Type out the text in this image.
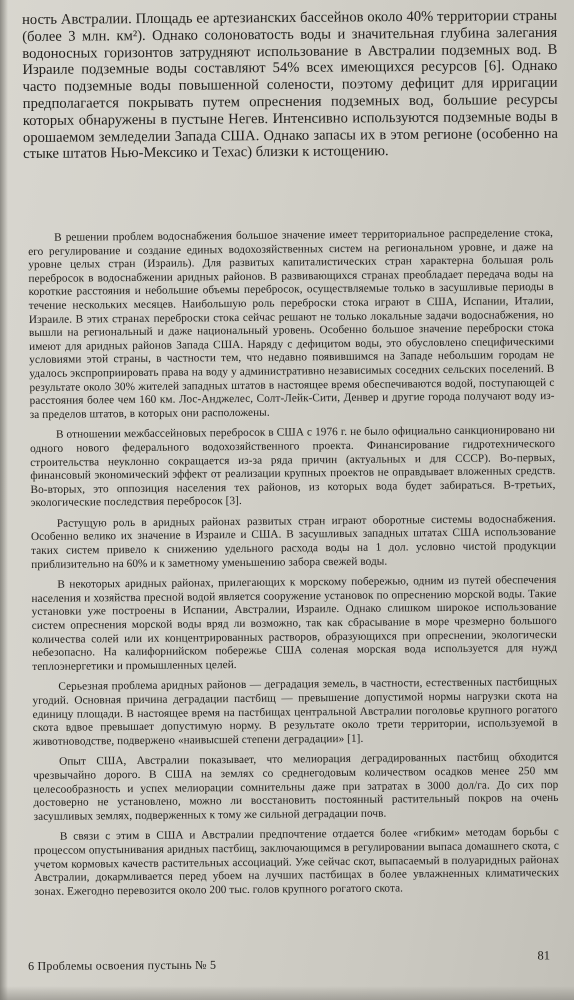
ность Австралии. Площадь ее артезианских бассейнов около 40% территории страны (более 3 млн. км²). Однако солоноватость воды и значительная глубина залегания водоносных горизонтов затрудняют использование в Австралии подземных вод. В Израиле подземные воды составляют 54% всех имеющихся ресурсов [6]. Однако часто подземные воды повышенной солености, поэтому дефицит для ирригации предполагается покрывать путем опреснения подземных вод, большие ресурсы которых обнаружены в пустыне Негев. Интенсивно используются подземные воды в орошаемом земледелии Запада США. Однако запасы их в этом регионе (особенно на стыке штатов Нью-Мексико и Техас) близки к истощению.

В решении проблем водоснабжения большое значение имеет территориальное распределение стока, его регулирование и создание единых водохозяйственных систем на региональном уровне, и даже на уровне целых стран (Израиль). Для развитых капиталистических стран характерна большая роль перебросок в водоснабжении аридных районов. В развивающихся странах преобладает передача воды на короткие расстояния и небольшие объемы перебросок, осуществляемые только в засушливые периоды в течение нескольких месяцев. Наибольшую роль переброски стока играют в США, Испании, Италии, Израиле. В этих странах переброски стока сейчас решают не только локальные задачи водоснабжения, но вышли на региональный и даже национальный уровень. Особенно большое значение переброски стока имеют для аридных районов Запада США. Наряду с дефицитом воды, это обусловлено специфическими условиями этой страны, в частности тем, что недавно появившимся на Западе небольшим городам не удалось экспроприировать права на воду у административно независимых соседних сельских поселений. В результате около 30% жителей западных штатов в настоящее время обеспечиваются водой, поступающей с расстояния более чем 160 км. Лос-Анджелес, Солт-Лейк-Сити, Денвер и другие города получают воду из-за пределов штатов, в которых они расположены.

В отношении межбассейновых перебросок в США с 1976 г. не было официально санкционировано ни одного нового федерального водохозяйственного проекта. Финансирование гидротехнического строительства неуклонно сокращается из-за ряда причин (актуальных и для СССР). Во-первых, финансовый экономический эффект от реализации крупных проектов не оправдывает вложенных средств. Во-вторых, это оппозиция населения тех районов, из которых вода будет забираться. В-третьих, экологические последствия перебросок [3].

Растущую роль в аридных районах развитых стран играют оборотные системы водоснабжения. Особенно велико их значение в Израиле и США. В засушливых западных штатах США использование таких систем привело к снижению удельного расхода воды на 1 дол. условно чистой продукции приблизительно на 60% и к заметному уменьшению забора свежей воды.

В некоторых аридных районах, прилегающих к морскому побережью, одним из путей обеспечения населения и хозяйства пресной водой является сооружение установок по опреснению морской воды. Такие установки уже построены в Испании, Австралии, Израиле. Однако слишком широкое использование систем опреснения морской воды вряд ли возможно, так как сбрасывание в море чрезмерно большого количества солей или их концентрированных растворов, образующихся при опреснении, экологически небезопасно. На калифорнийском побережье США соленая морская вода используется для нужд теплоэнергетики и промышленных целей.

Серьезная проблема аридных районов — деградация земель, в частности, естественных пастбищных угодий. Основная причина деградации пастбищ — превышение допустимой нормы нагрузки скота на единицу площади. В настоящее время на пастбищах центральной Австралии поголовье крупного рогатого скота вдвое превышает допустимую норму. В результате около трети территории, используемой в животноводстве, подвержено «наивысшей степени деградации» [1].

Опыт США, Австралии показывает, что мелиорация деградированных пастбищ обходится чрезвычайно дорого. В США на землях со среднегодовым количеством осадков менее 250 мм целесообразность и успех мелиорации сомнительны даже при затратах в 3000 дол/га. До сих пор достоверно не установлено, можно ли восстановить постоянный растительный покров на очень засушливых землях, подверженных к тому же сильной деградации почв.

В связи с этим в США и Австралии предпочтение отдается более «гибким» методам борьбы с процессом опустынивания аридных пастбищ, заключающимся в регулировании выпаса домашнего скота, с учетом кормовых качеств растительных ассоциаций. Уже сейчас скот, выпасаемый в полуаридных районах Австралии, докармливается перед убоем на лучших пастбищах в более увлажненных климатических зонах. Ежегодно перевозится около 200 тыс. голов крупного рогатого скота.

6 Проблемы освоения пустынь № 5
81
